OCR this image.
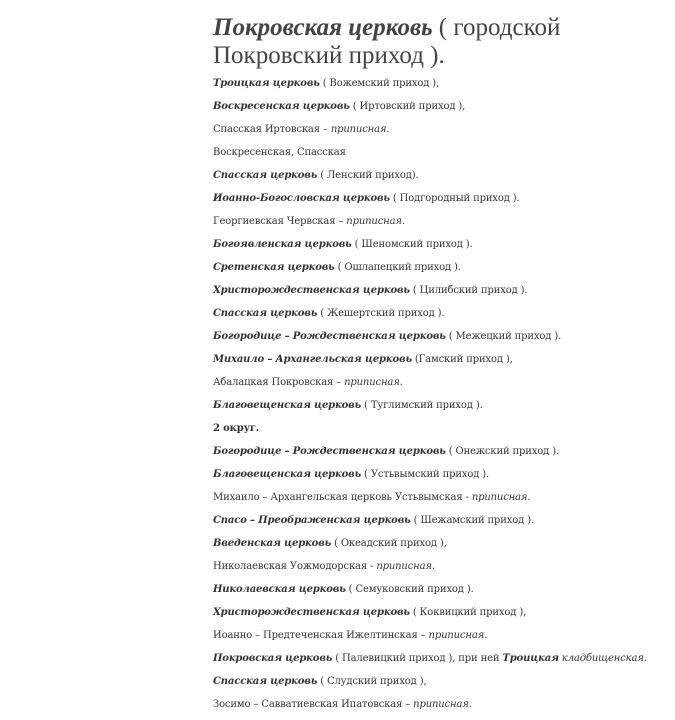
Покровская церковь ( городской Покровский приход ).
Троицкая церковь ( Вожемский приход ),
Воскресенская церковь ( Иртовский приход ),
Спасская Иртовская – приписная.
Воскресенская, Спасская
Спасская церковь ( Ленский приход).
Иоанно-Богословская церковь ( Подгородный приход ).
Георгиевская Червская – приписная.
Богоявленская церковь ( Шеномский приход ).
Сретенская церковь ( Ошлапецкий приход ).
Христорождественская церковь ( Цилибский приход ).
Спасская церковь ( Жешертский приход ).
Богородице – Рождественская церковь ( Межецкий приход ).
Михаило – Архангельская церковь (Гамский приход ),
Абалацкая Покровская – приписная.
Благовещенская церковь ( Туглимский приход ).
2 округ.
Богородице – Рождественская церковь ( Онежский приход ).
Благовещенская церковь ( Устьвымский приход ).
Михаило – Архангельская церковь Устьвымская - приписная.
Спасо – Преображенская церковь ( Шежамский приход ).
Введенская церковь ( Океадский приход ),
Николаевская Уожмодорская - приписная.
Николаевская церковь ( Семуковский приход ).
Христорождественская церковь ( Коквицкий приход ),
Иоанно – Предтеченская Ижелтинская – приписная.
Покровская церковь ( Палевицкий приход ), при ней Троицкая кладбищенская.
Спасская церковь ( Слудский приход ),
Зосимо – Савватиевская Ипатовская – приписная.
